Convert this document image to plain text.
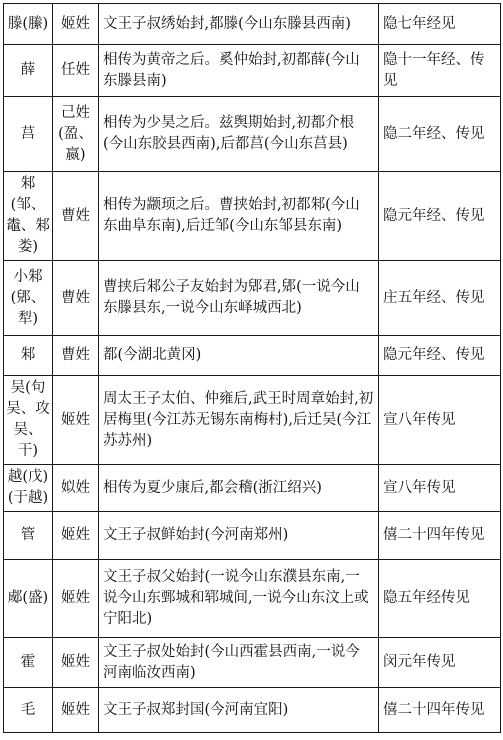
滕(縢)	姬姓	文王子叔绣始封,都滕(今山东滕县西南)	隐七年经见
薛	任姓	相传为黄帝之后。奚仲始封,初都薛(今山东滕县南)	隐十一年经、传见
莒	己姓(盈、嬴)	相传为少昊之后。兹舆期始封,初都介根(今山东胶县西南),后都莒(今山东莒县)	隐二年经、传见
邾(邹、鼄、邾娄)	曹姓	相传为颛顼之后。曹挟始封,初都邾(今山东曲阜东南),后迁邹(今山东邹县东南)	隐元年经、传见
小邾(郳、犁)	曹姓	曹挟后邾公子友始封为郳君,郳(一说今山东滕县东,一说今山东峄城西北)	庄五年经、传见
邾	曹姓	都(今湖北黄冈)	隐元年经、传见
吴(句吴、攻吴、干)	姬姓	周太王子太伯、仲雍后,武王时周章始封,初居梅里(今江苏无锡东南梅村),后迁吴(今江苏苏州)	宣八年传见
越(戊)(于越)	姒姓	相传为夏少康后,都会稽(浙江绍兴)	宣八年传见
管	姬姓	文王子叔鲜始封(今河南郑州)	僖二十四年传见
郕(盛)	姬姓	文王子叔父始封(一说今山东濮县东南,一说今山东鄄城和郓城间,一说今山东汶上或宁阳北)	隐五年经传见
霍	姬姓	文王子叔处始封(今山西霍县西南,一说今河南临汝西南)	闵元年传见
毛	姬姓	文王子叔郑封国(今河南宜阳)	僖二十四年传见
